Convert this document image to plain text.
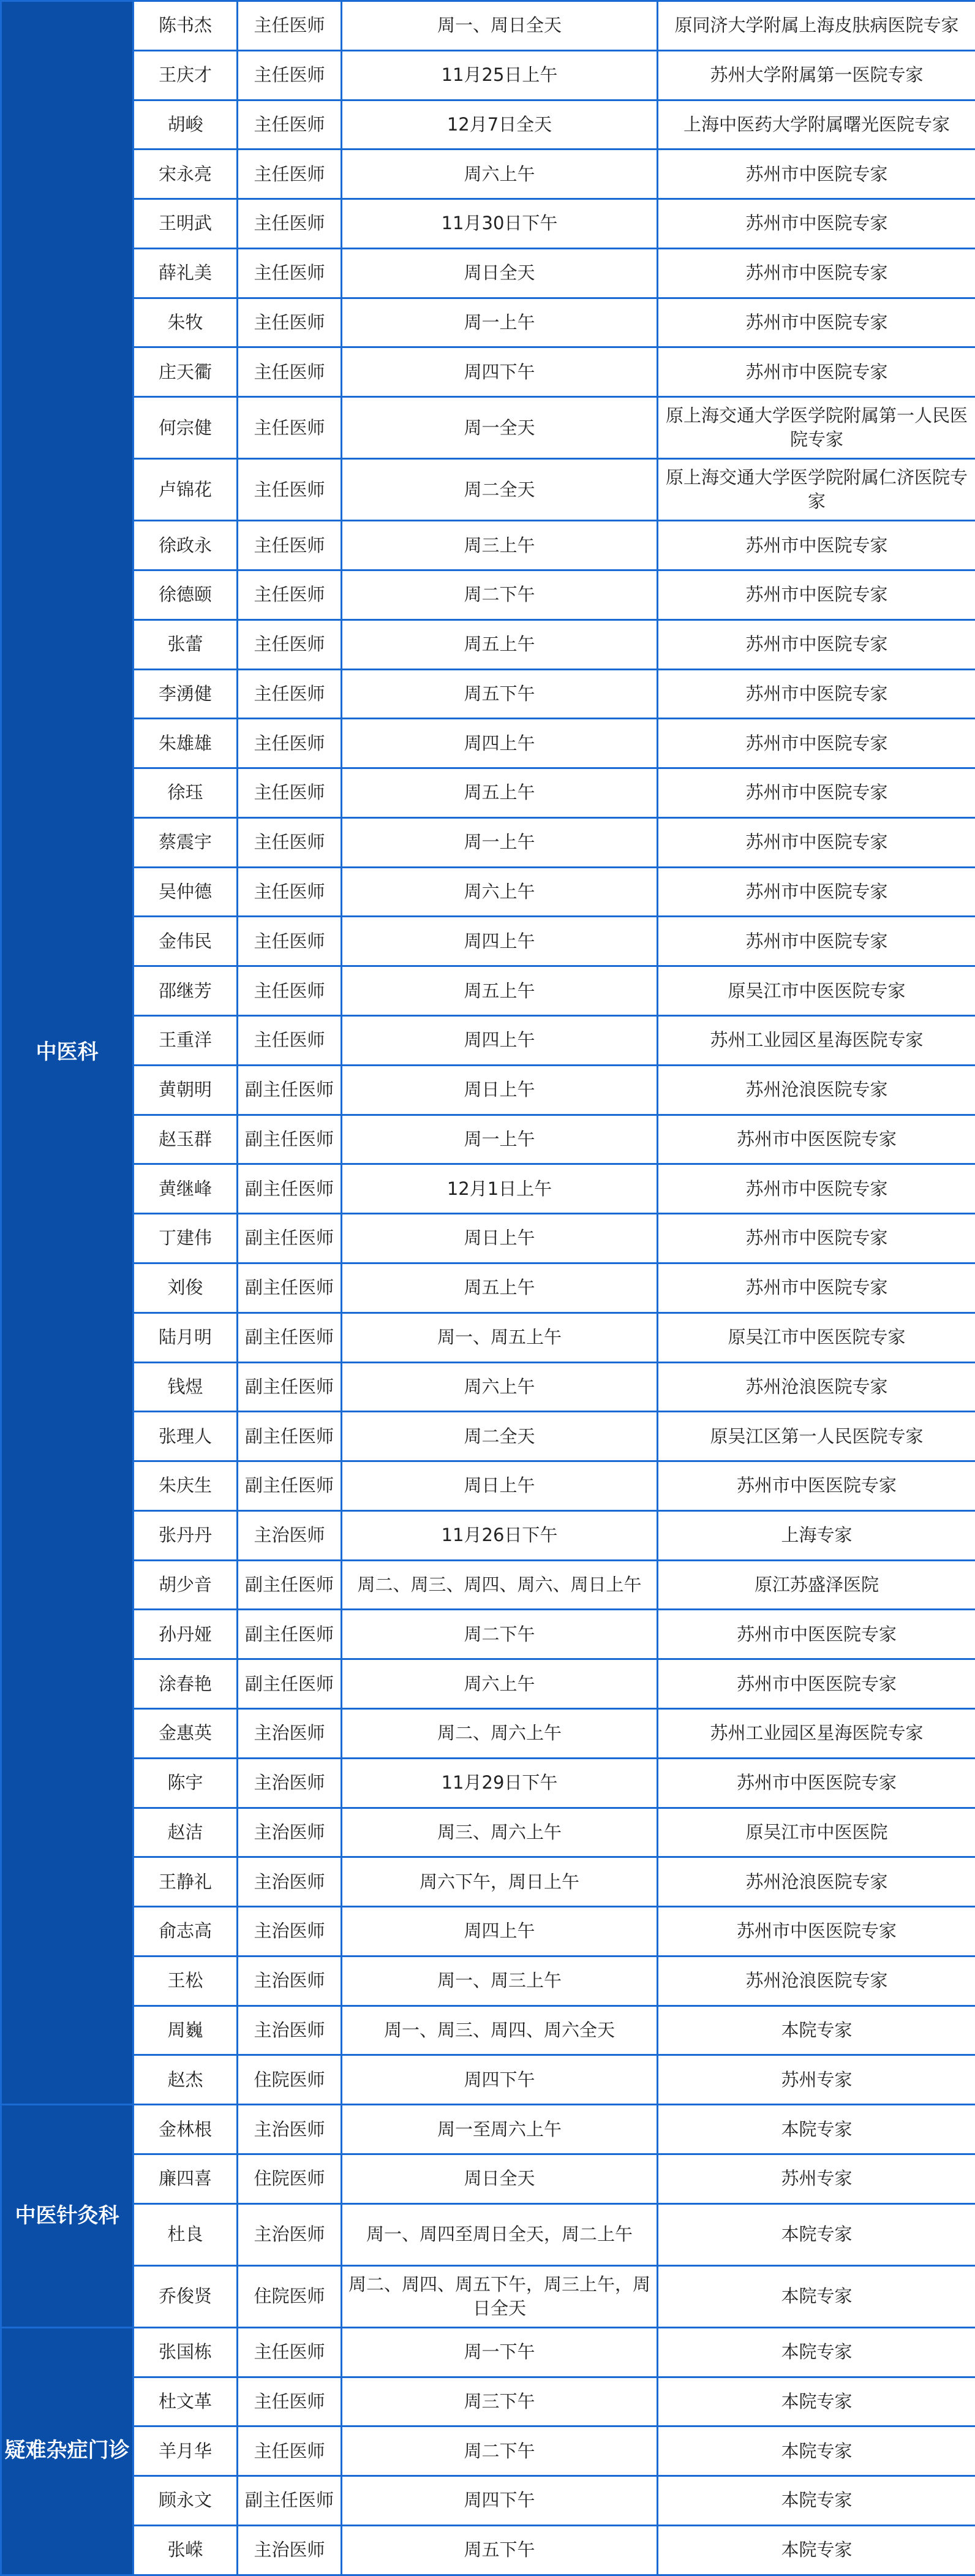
中医科	陈书杰	主任医师	周一、周日全天	原同济大学附属上海皮肤病医院专家
	王庆才	主任医师	11月25日上午	苏州大学附属第一医院专家
	胡峻	主任医师	12月7日全天	上海中医药大学附属曙光医院专家
	宋永亮	主任医师	周六上午	苏州市中医院专家
	王明武	主任医师	11月30日下午	苏州市中医院专家
	薛礼美	主任医师	周日全天	苏州市中医院专家
	朱牧	主任医师	周一上午	苏州市中医院专家
	庄天衢	主任医师	周四下午	苏州市中医院专家
	何宗健	主任医师	周一全天	原上海交通大学医学院附属第一人民医院专家
	卢锦花	主任医师	周二全天	原上海交通大学医学院附属仁济医院专家
	徐政永	主任医师	周三上午	苏州市中医院专家
	徐德颐	主任医师	周二下午	苏州市中医院专家
	张蕾	主任医师	周五上午	苏州市中医院专家
	李湧健	主任医师	周五下午	苏州市中医院专家
	朱雄雄	主任医师	周四上午	苏州市中医院专家
	徐珏	主任医师	周五上午	苏州市中医院专家
	蔡震宇	主任医师	周一上午	苏州市中医院专家
	吴仲德	主任医师	周六上午	苏州市中医院专家
	金伟民	主任医师	周四上午	苏州市中医院专家
	邵继芳	主任医师	周五上午	原吴江市中医医院专家
	王重洋	主任医师	周四上午	苏州工业园区星海医院专家
	黄朝明	副主任医师	周日上午	苏州沧浪医院专家
	赵玉群	副主任医师	周一上午	苏州市中医医院专家
	黄继峰	副主任医师	12月1日上午	苏州市中医院专家
	丁建伟	副主任医师	周日上午	苏州市中医院专家
	刘俊	副主任医师	周五上午	苏州市中医院专家
	陆月明	副主任医师	周一、周五上午	原吴江市中医医院专家
	钱煜	副主任医师	周六上午	苏州沧浪医院专家
	张理人	副主任医师	周二全天	原吴江区第一人民医院专家
	朱庆生	副主任医师	周日上午	苏州市中医医院专家
	张丹丹	主治医师	11月26日下午	上海专家
	胡少音	副主任医师	周二、周三、周四、周六、周日上午	原江苏盛泽医院
	孙丹娅	副主任医师	周二下午	苏州市中医医院专家
	涂春艳	副主任医师	周六上午	苏州市中医医院专家
	金惠英	主治医师	周二、周六上午	苏州工业园区星海医院专家
	陈宇	主治医师	11月29日下午	苏州市中医医院专家
	赵洁	主治医师	周三、周六上午	原吴江市中医医院
	王静礼	主治医师	周六下午，周日上午	苏州沧浪医院专家
	俞志高	主治医师	周四上午	苏州市中医医院专家
	王松	主治医师	周一、周三上午	苏州沧浪医院专家
	周巍	主治医师	周一、周三、周四、周六全天	本院专家
	赵杰	住院医师	周四下午	苏州专家
中医针灸科	金林根	主治医师	周一至周六上午	本院专家
	廉四喜	住院医师	周日全天	苏州专家
	杜良	主治医师	周一、周四至周日全天，周二上午	本院专家
	乔俊贤	住院医师	周二、周四、周五下午，周三上午，周日全天	本院专家
疑难杂症门诊	张国栋	主任医师	周一下午	本院专家
	杜文革	主任医师	周三下午	本院专家
	羊月华	主任医师	周二下午	本院专家
	顾永文	副主任医师	周四下午	本院专家
	张嵘	主治医师	周五下午	本院专家
